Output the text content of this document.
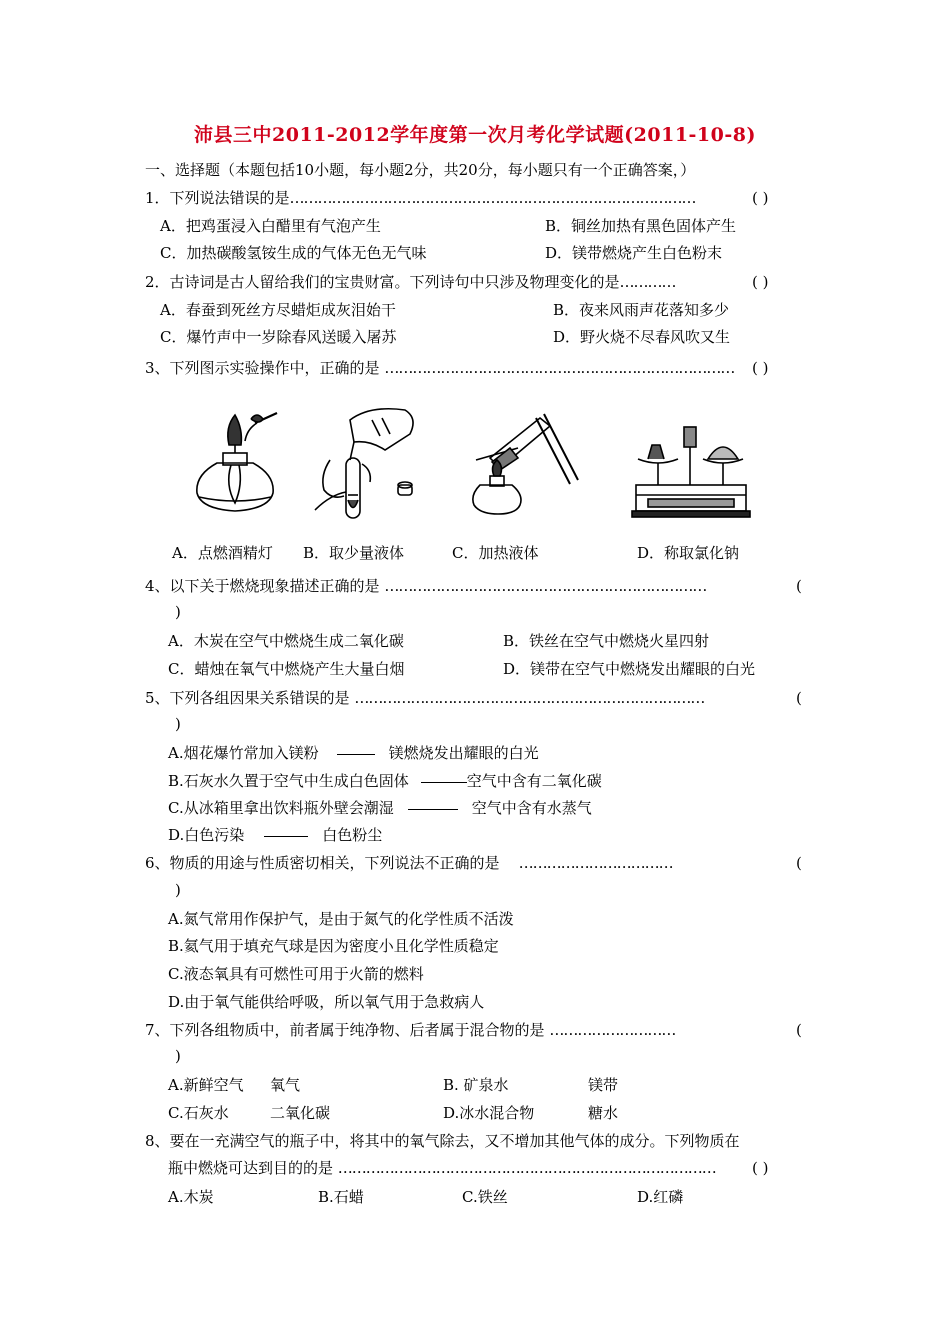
沛县三中2011-2012学年度第一次月考化学试题(2011-10-8)
一、选择题（本题包括10小题，每小题2分，共20分，每小题只有一个正确答案，）
1．下列说法错误的是……………………………………………………………………………	( )
A．把鸡蛋浸入白醋里有气泡产生	B．铜丝加热有黑色固体产生
C．加热碳酸氢铵生成的气体无色无气味	D．镁带燃烧产生白色粉末
2．古诗词是古人留给我们的宝贵财富。下列诗句中只涉及物理变化的是…………	( )
A．春蚕到死丝方尽蜡炬成灰泪始干	B．夜来风雨声花落知多少
C．爆竹声中一岁除春风送暖入屠苏	D．野火烧不尽春风吹又生
3、下列图示实验操作中，正确的是 ………………………………………………………………… ( )
A．点燃酒精灯 B．取少量液体	C．加热液体	D．称取氯化钠
4、以下关于燃烧现象描述正确的是 ……………………………………………………………	(
)
A．木炭在空气中燃烧生成二氧化碳	B．铁丝在空气中燃烧火星四射
C．蜡烛在氧气中燃烧产生大量白烟	D．镁带在空气中燃烧发出耀眼的白光
5、下列各组因果关系错误的是 …………………………………………………………………	(
)
A.烟花爆竹常加入镁粉	镁燃烧发出耀眼的白光
B.石灰水久置于空气中生成白色固体	空气中含有二氧化碳
C.从冰箱里拿出饮料瓶外壁会潮湿	空气中含有水蒸气
D.白色污染	白色粉尘
6、物质的用途与性质密切相关，下列说法不正确的是 ……………………………	(
)
A.氮气常用作保护气，是由于氮气的化学性质不活泼
B.氦气用于填充气球是因为密度小且化学性质稳定
C.液态氧具有可燃性可用于火箭的燃料
D.由于氧气能供给呼吸，所以氧气用于急救病人
7、下列各组物质中，前者属于纯净物、后者属于混合物的是 ………………………	(
)
A.新鲜空气 氧气	B. 矿泉水	镁带
C.石灰水	二氧化碳	D.冰水混合物	糖水
8、要在一充满空气的瓶子中，将其中的氧气除去，又不增加其他气体的成分。下列物质在
瓶中燃烧可达到目的的是 ……………………………………………………………………… ( )
A.木炭	B.石蜡	C.铁丝	D.红磷
